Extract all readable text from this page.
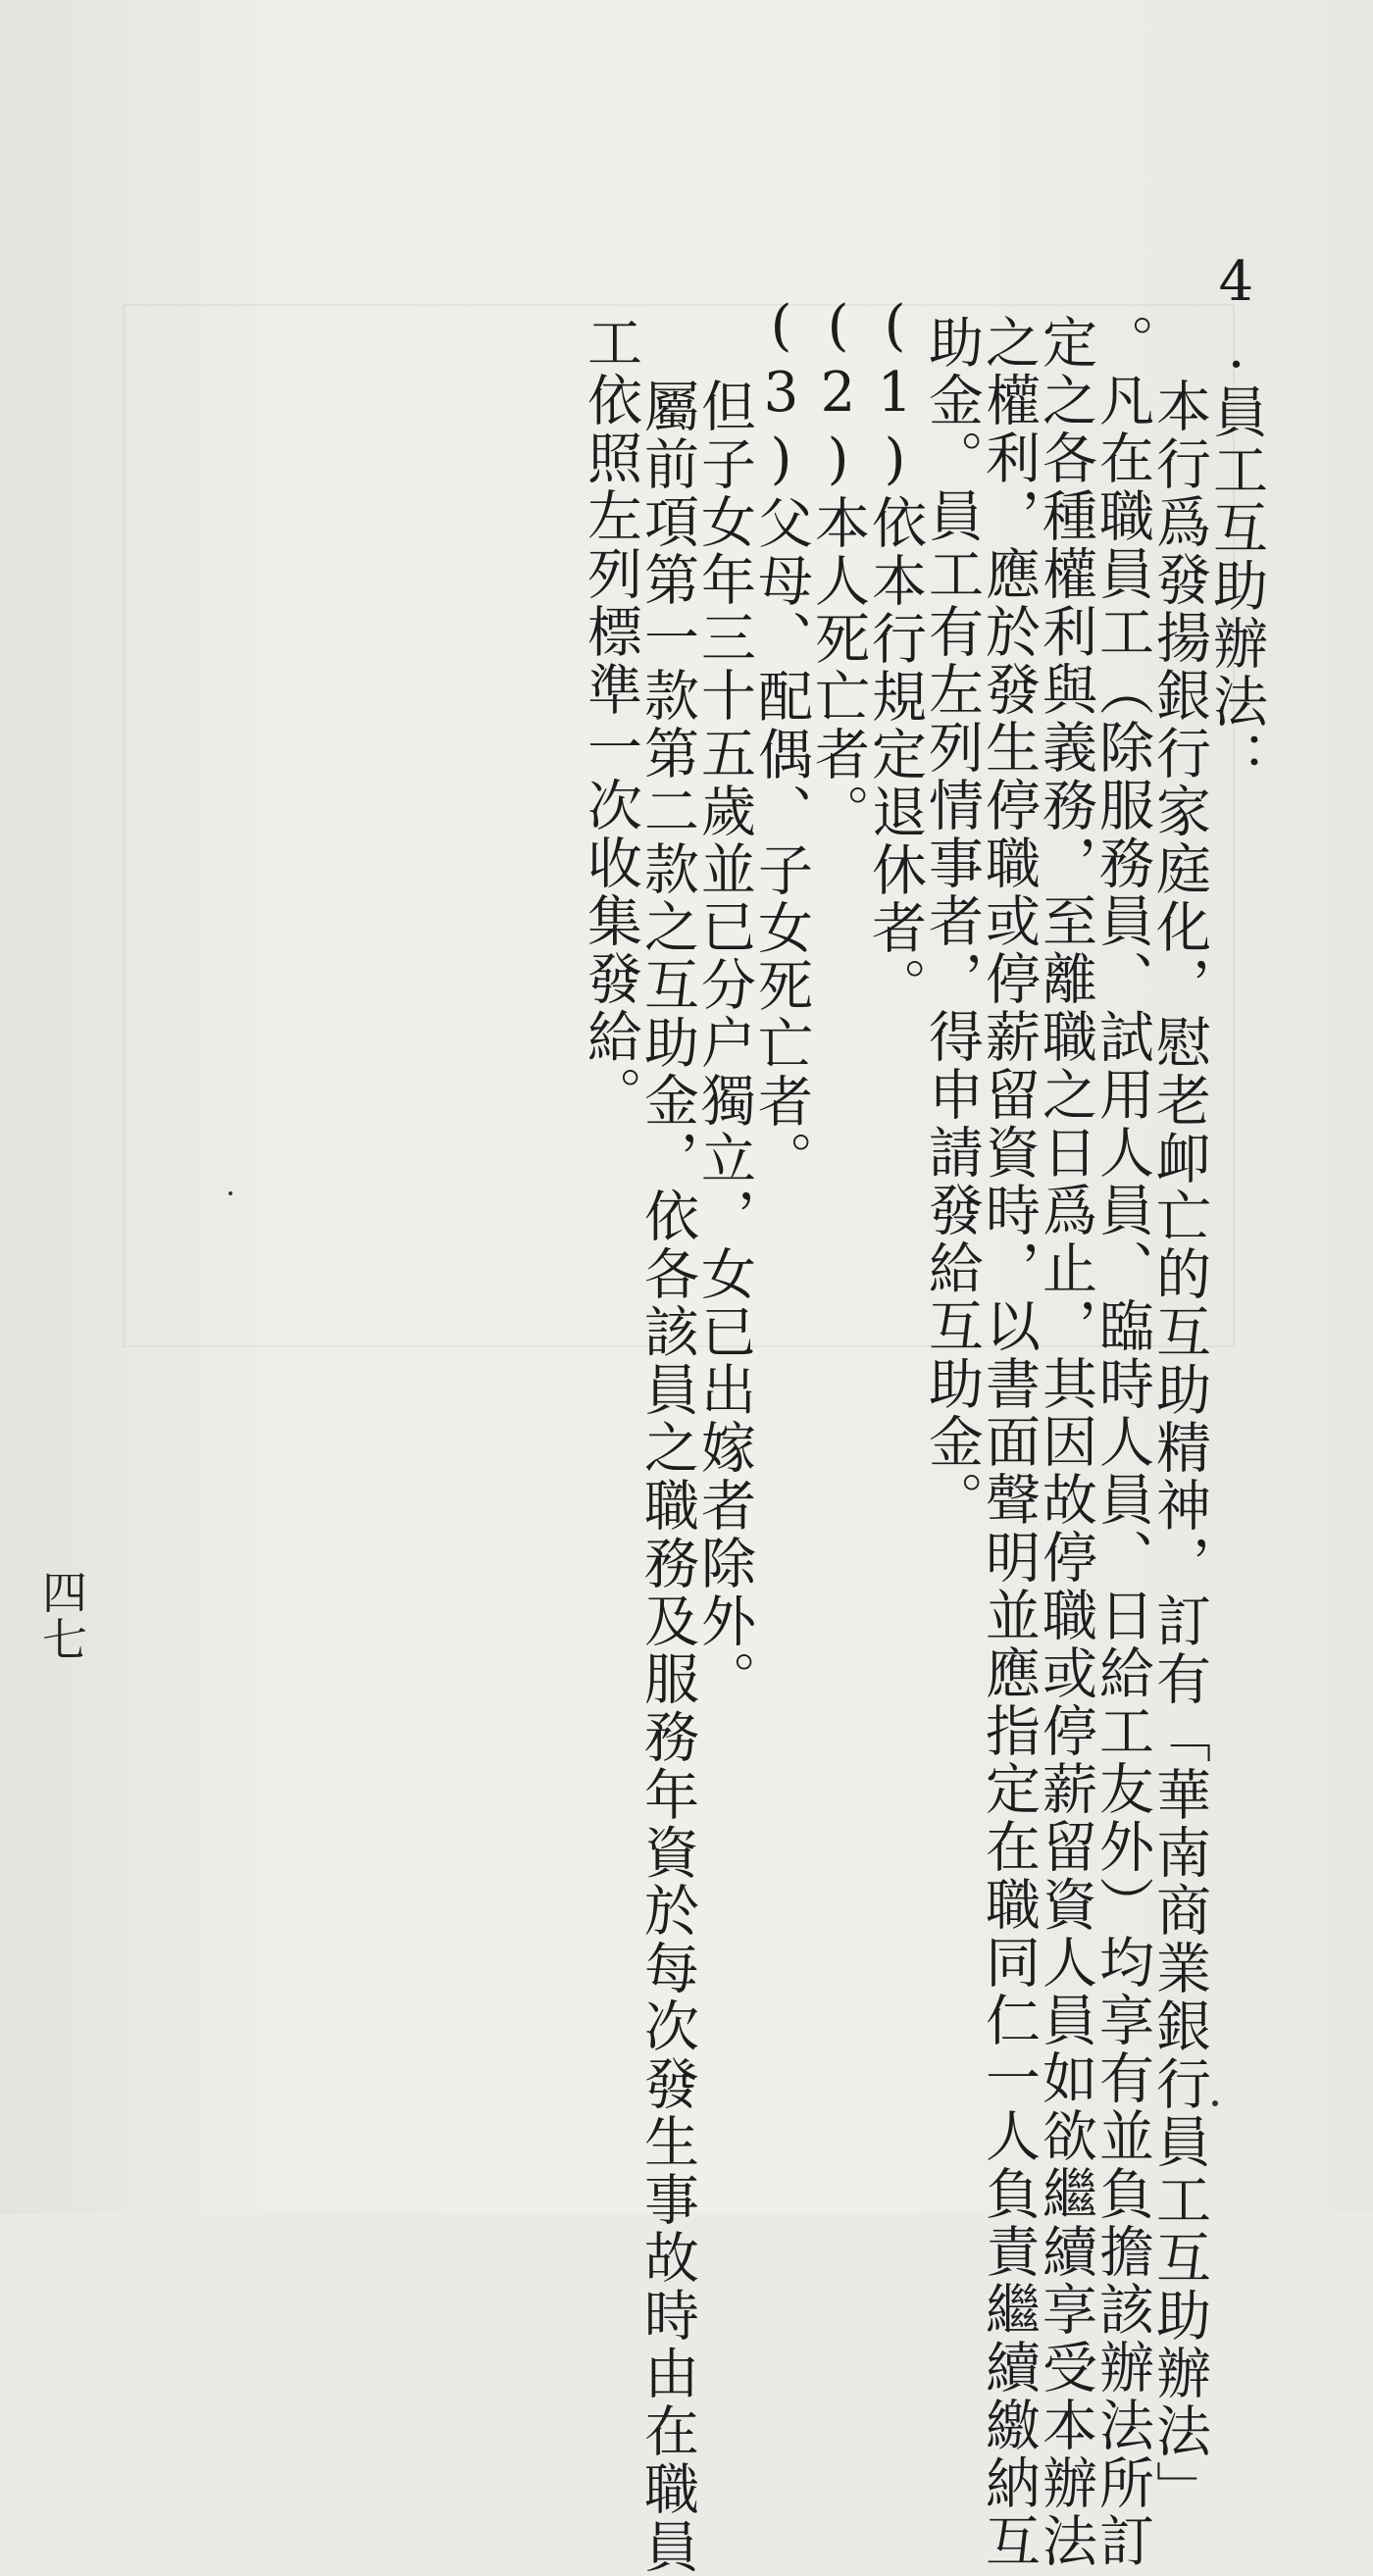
4.員工互助辦法：
本行爲發揚銀行家庭化，慰老卹亡的互助精神，訂有「華南商業銀行員工互助辦法」
。凡在職員工（除服務員、試用人員、臨時人員、日給工友外）均享有並負擔該辦法所訂
定之各種權利與義務，至離職之日爲止，其因故停職或停薪留資人員如欲繼續享受本辦法
之權利，應於發生停職或停薪留資時，以書面聲明並應指定在職同仁一人負責繼續繳納互
助金。員工有左列情事者，得申請發給互助金。
(1)依本行規定退休者。
(2)本人死亡者。
(3)父母、配偶、子女死亡者。
但子女年三十五歲並已分户獨立，女已出嫁者除外。
屬前項第一款第二款之互助金，依各該員之職務及服務年資於每次發生事故時由在職員
工依照左列標準一次收集發給。
四七
